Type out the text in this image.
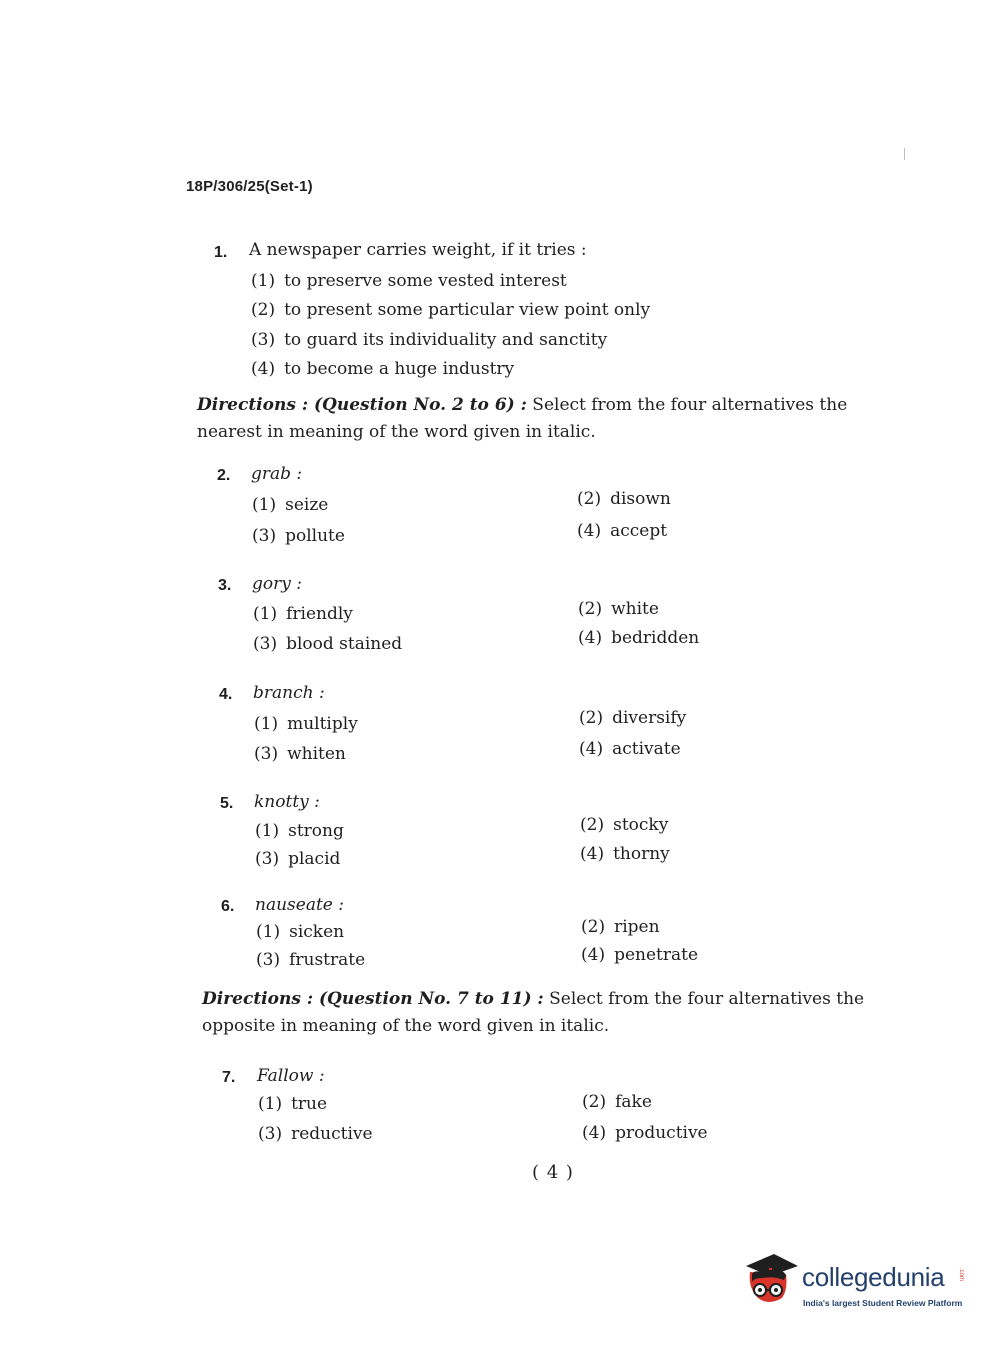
18P/306/25(Set-1)
1. A newspaper carries weight, if it tries :
(1) to preserve some vested interest
(2) to present some particular view point only
(3) to guard its individuality and sanctity
(4) to become a huge industry
Directions : (Question No. 2 to 6) : Select from the four alternatives the nearest in meaning of the word given in italic.
2. grab :
(1) seize	(2) disown
(3) pollute	(4) accept
3. gory :
(1) friendly	(2) white
(3) blood stained	(4) bedridden
4. branch :
(1) multiply	(2) diversify
(3) whiten	(4) activate
5. knotty :
(1) strong	(2) stocky
(3) placid	(4) thorny
6. nauseate :
(1) sicken	(2) ripen
(3) frustrate	(4) penetrate
Directions : (Question No. 7 to 11) : Select from the four alternatives the opposite in meaning of the word given in italic.
7. Fallow :
(1) true	(2) fake
(3) reductive	(4) productive
( 4 )
collegedunia .com
India's largest Student Review Platform
